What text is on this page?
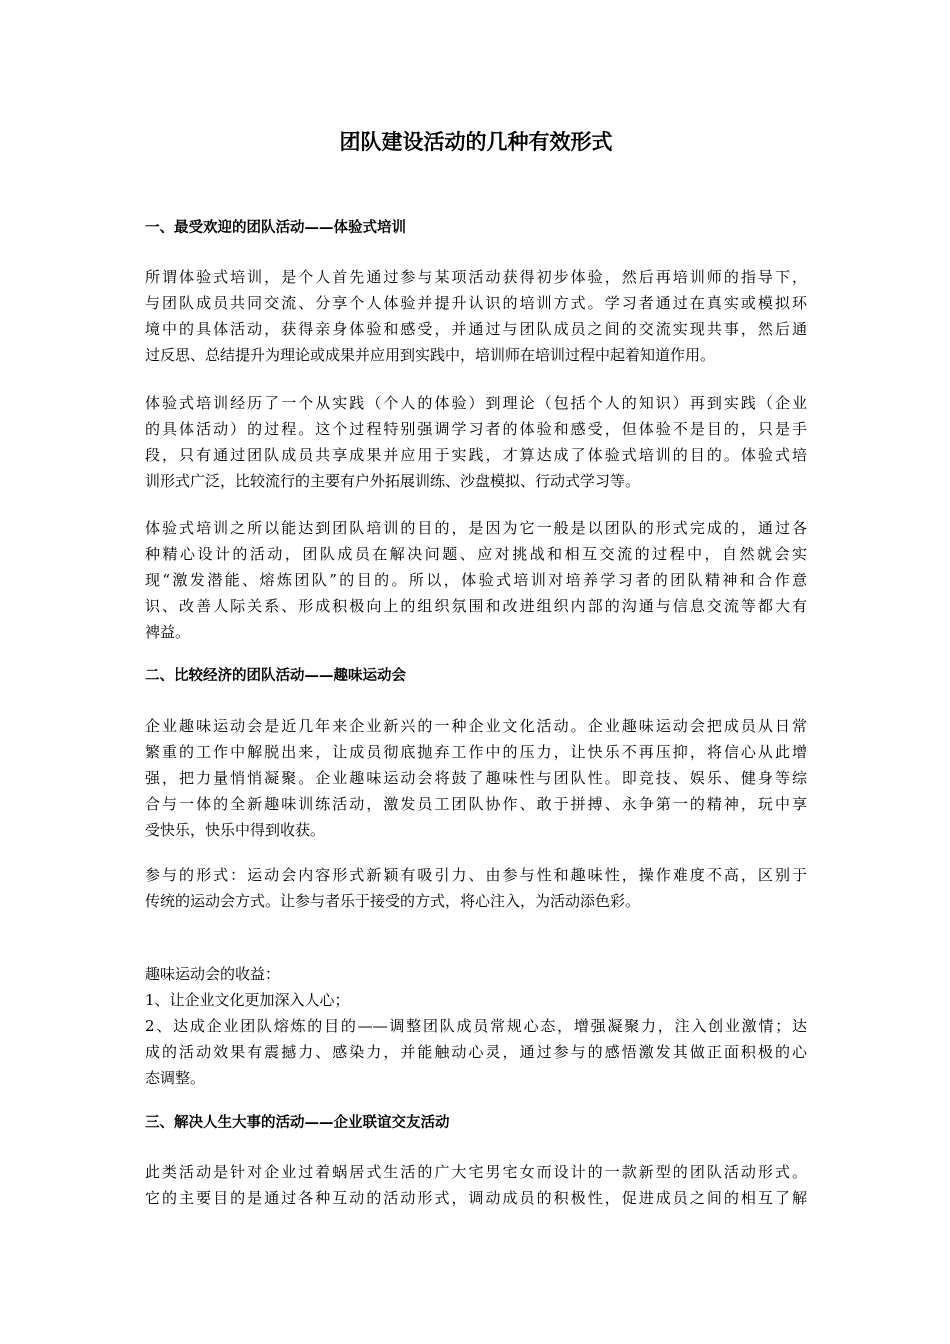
团队建设活动的几种有效形式
一、最受欢迎的团队活动——体验式培训
所谓体验式培训，是个人首先通过参与某项活动获得初步体验，然后再培训师的指导下，
与团队成员共同交流、分享个人体验并提升认识的培训方式。学习者通过在真实或模拟环
境中的具体活动，获得亲身体验和感受，并通过与团队成员之间的交流实现共事，然后通
过反思、总结提升为理论或成果并应用到实践中，培训师在培训过程中起着知道作用。
体验式培训经历了一个从实践（个人的体验）到理论（包括个人的知识）再到实践（企业
的具体活动）的过程。这个过程特别强调学习者的体验和感受，但体验不是目的，只是手
段，只有通过团队成员共享成果并应用于实践，才算达成了体验式培训的目的。体验式培
训形式广泛，比较流行的主要有户外拓展训练、沙盘模拟、行动式学习等。
体验式培训之所以能达到团队培训的目的，是因为它一般是以团队的形式完成的，通过各
种精心设计的活动，团队成员在解决问题、应对挑战和相互交流的过程中，自然就会实
现“激发潜能、熔炼团队”的目的。所以，体验式培训对培养学习者的团队精神和合作意
识、改善人际关系、形成积极向上的组织氛围和改进组织内部的沟通与信息交流等都大有
裨益。
二、比较经济的团队活动——趣味运动会
企业趣味运动会是近几年来企业新兴的一种企业文化活动。企业趣味运动会把成员从日常
繁重的工作中解脱出来，让成员彻底抛弃工作中的压力，让快乐不再压抑，将信心从此增
强，把力量悄悄凝聚。企业趣味运动会将鼓了趣味性与团队性。即竞技、娱乐、健身等综
合与一体的全新趣味训练活动，激发员工团队协作、敢于拼搏、永争第一的精神，玩中享
受快乐，快乐中得到收获。
参与的形式：运动会内容形式新颖有吸引力、由参与性和趣味性，操作难度不高，区别于
传统的运动会方式。让参与者乐于接受的方式，将心注入，为活动添色彩。
趣味运动会的收益：
1、让企业文化更加深入人心；
2、达成企业团队熔炼的目的——调整团队成员常规心态，增强凝聚力，注入创业激情；达
成的活动效果有震撼力、感染力，并能触动心灵，通过参与的感悟激发其做正面积极的心
态调整。
三、解决人生大事的活动——企业联谊交友活动
此类活动是针对企业过着蜗居式生活的广大宅男宅女而设计的一款新型的团队活动形式。
它的主要目的是通过各种互动的活动形式，调动成员的积极性，促进成员之间的相互了解
